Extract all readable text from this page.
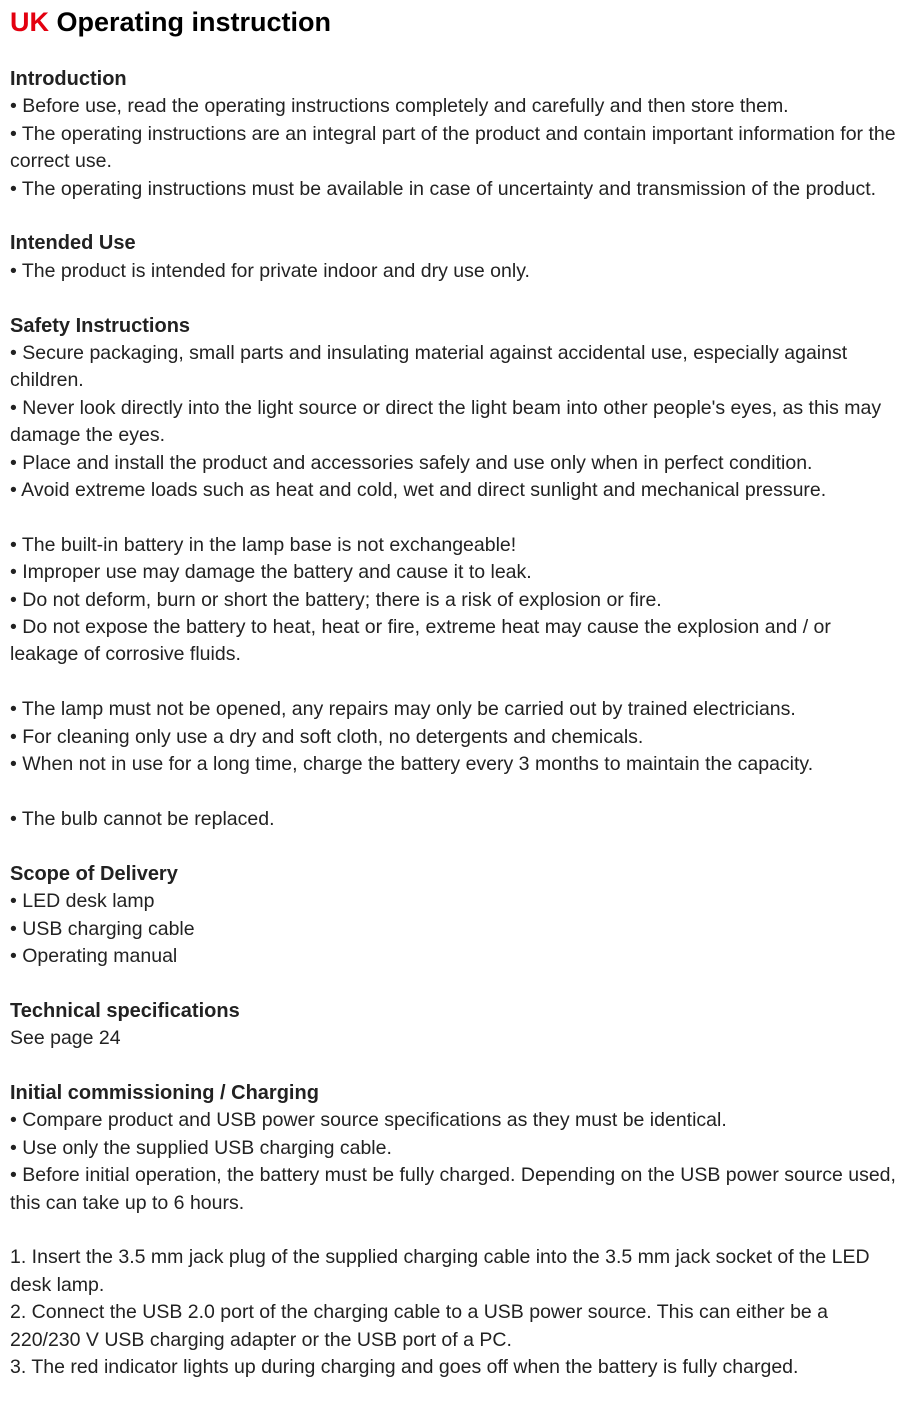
UK Operating instruction
Introduction

• Before use, read the operating instructions completely and carefully and then store them.

• The operating instructions are an integral part of the product and contain important information for the correct use.

• The operating instructions must be available in case of uncertainty and transmission of the product.

Intended Use

• The product is intended for private indoor and dry use only.

Safety Instructions

• Secure packaging, small parts and insulating material against accidental use, especially against children.

• Never look directly into the light source or direct the light beam into other people's eyes, as this may damage the eyes.

• Place and install the product and accessories safely and use only when in perfect condition.

• Avoid extreme loads such as heat and cold, wet and direct sunlight and mechanical pressure.

• The built-in battery in the lamp base is not exchangeable!

• Improper use may damage the battery and cause it to leak.

• Do not deform, burn or short the battery; there is a risk of explosion or fire.

• Do not expose the battery to heat, heat or fire, extreme heat may cause the explosion and / or leakage of corrosive fluids.

• The lamp must not be opened, any repairs may only be carried out by trained electricians.

• For cleaning only use a dry and soft cloth, no detergents and chemicals.

• When not in use for a long time, charge the battery every 3 months to maintain the capacity.

• The bulb cannot be replaced.

Scope of Delivery

• LED desk lamp

• USB charging cable

• Operating manual

Technical specifications

See page 24

Initial commissioning / Charging

• Compare product and USB power source specifications as they must be identical.

• Use only the supplied USB charging cable.

• Before initial operation, the battery must be fully charged. Depending on the USB power source used, this can take up to 6 hours.

1. Insert the 3.5 mm jack plug of the supplied charging cable into the 3.5 mm jack socket of the LED desk lamp.

2. Connect the USB 2.0 port of the charging cable to a USB power source. This can either be a 220/230 V USB charging adapter or the USB port of a PC.

3. The red indicator lights up during charging and goes off when the battery is fully charged.
